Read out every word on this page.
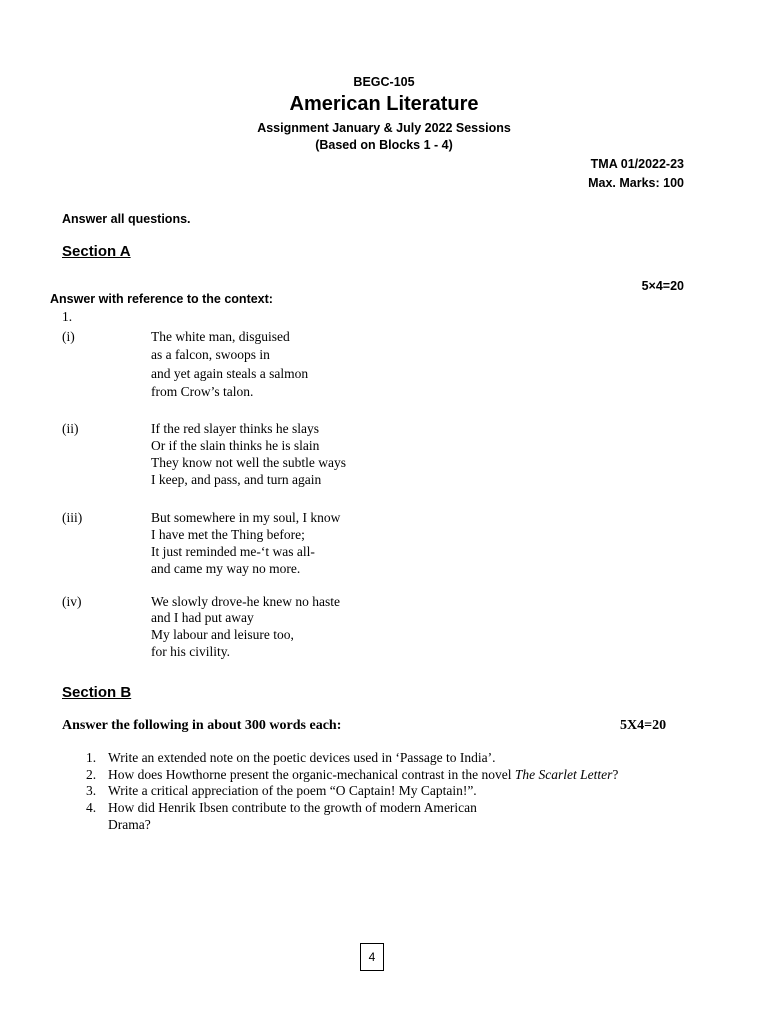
BEGC-105
American Literature
Assignment January & July 2022 Sessions
(Based on Blocks 1 - 4)
TMA 01/2022-23
Max. Marks: 100
Answer all questions.
Section A
5×4=20
Answer with reference to the context:
1.
(i)	The white man, disguised
as a falcon, swoops in
and yet again steals a salmon
from Crow’s talon.
(ii)	If the red slayer thinks he slays
Or if the slain thinks he is slain
They know not well the subtle ways
I keep, and pass, and turn again
(iii)	But somewhere in my soul, I know
I have met the Thing before;
It just reminded me-‘t was all-
and came my way no more.
(iv)	We slowly drove-he knew no haste
and I had put away
My labour and leisure too,
for his civility.
Section B
Answer the following in about 300 words each:	5X4=20
1. Write an extended note on the poetic devices used in ‘Passage to India’.
2. How does Howthorne present the organic-mechanical contrast in the novel The Scarlet Letter?
3. Write a critical appreciation of the poem “O Captain! My Captain!”.
4. How did Henrik Ibsen contribute to the growth of modern American
Drama?
4
